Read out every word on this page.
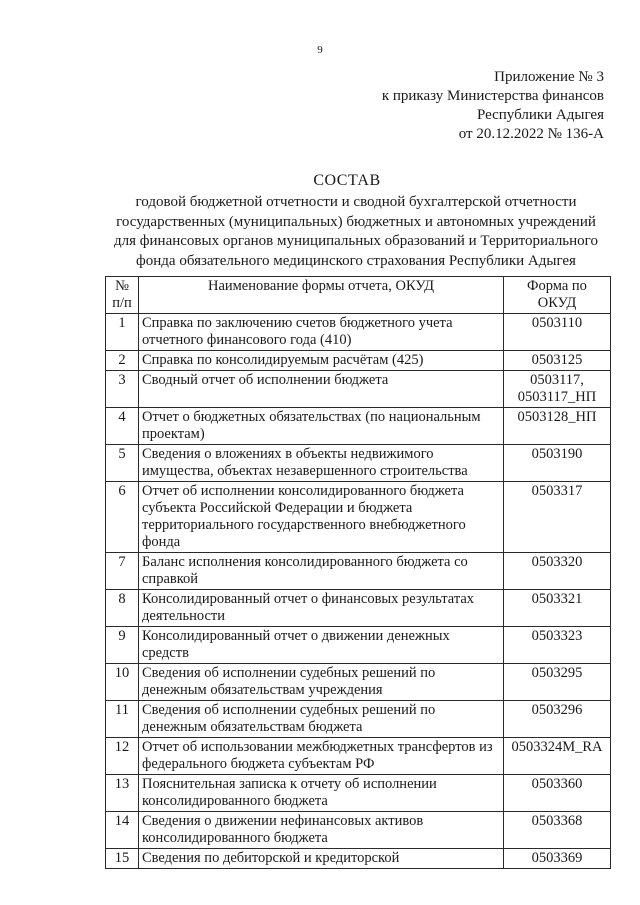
9
Приложение № 3
к приказу Министерства финансов
Республики Адыгея
от 20.12.2022 № 136-А
СОСТАВ
годовой бюджетной отчетности и сводной бухгалтерской отчетности
государственных (муниципальных) бюджетных и автономных учреждений
для финансовых органов муниципальных образований и Территориального
фонда обязательного медицинского страхования Республики Адыгея
№ п/п	Наименование формы отчета, ОКУД	Форма по ОКУД
1	Справка по заключению счетов бюджетного учета отчетного финансового года (410)	0503110
2	Справка по консолидируемым расчётам (425)	0503125
3	Сводный отчет об исполнении бюджета	0503117, 0503117_НП
4	Отчет о бюджетных обязательствах (по национальным проектам)	0503128_НП
5	Сведения о вложениях в объекты недвижимого имущества, объектах незавершенного строительства	0503190
6	Отчет об исполнении консолидированного бюджета субъекта Российской Федерации и бюджета территориального государственного внебюджетного фонда	0503317
7	Баланс исполнения консолидированного бюджета со справкой	0503320
8	Консолидированный отчет о финансовых результатах деятельности	0503321
9	Консолидированный отчет о движении денежных средств	0503323
10	Сведения об исполнении судебных решений по денежным обязательствам учреждения	0503295
11	Сведения об исполнении судебных решений по денежным обязательствам бюджета	0503296
12	Отчет об использовании межбюджетных трансфертов из федерального бюджета субъектам РФ	0503324M_RA
13	Пояснительная записка к отчету об исполнении консолидированного бюджета	0503360
14	Сведения о движении нефинансовых активов консолидированного бюджета	0503368
15	Сведения по дебиторской и кредиторской	0503369
